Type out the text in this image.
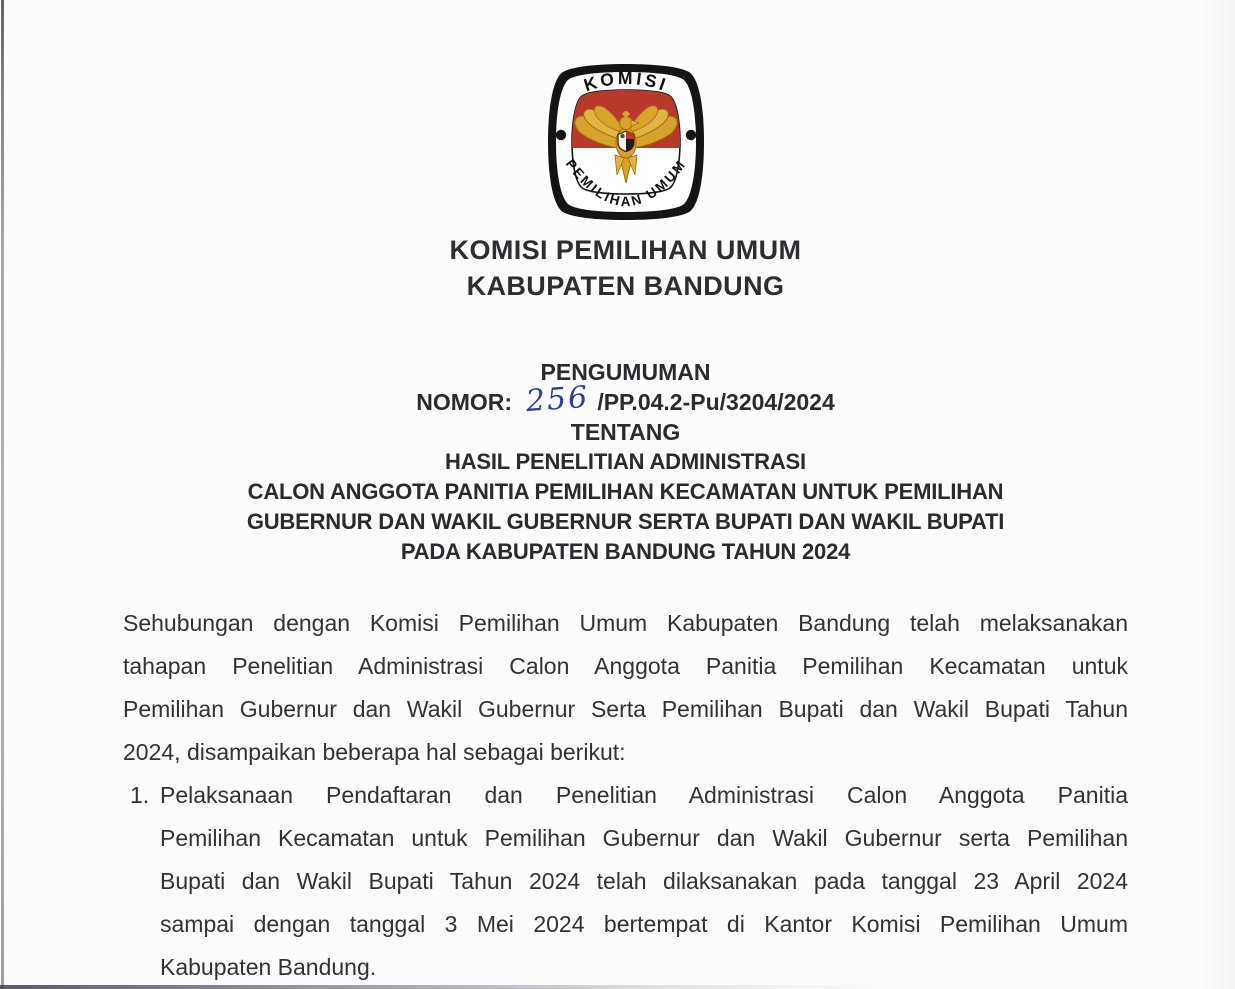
KOMISI
PEMILIHAN UMUM
KOMISI PEMILIHAN UMUM
KABUPATEN BANDUNG
PENGUMUMAN
NOMOR: 256 /PP.04.2-Pu/3204/2024
TENTANG
HASIL PENELITIAN ADMINISTRASI
CALON ANGGOTA PANITIA PEMILIHAN KECAMATAN UNTUK PEMILIHAN
GUBERNUR DAN WAKIL GUBERNUR SERTA BUPATI DAN WAKIL BUPATI
PADA KABUPATEN BANDUNG TAHUN 2024
Sehubungan dengan Komisi Pemilihan Umum Kabupaten Bandung telah melaksanakan
tahapan Penelitian Administrasi Calon Anggota Panitia Pemilihan Kecamatan untuk
Pemilihan Gubernur dan Wakil Gubernur Serta Pemilihan Bupati dan Wakil Bupati Tahun
2024, disampaikan beberapa hal sebagai berikut:
1. Pelaksanaan Pendaftaran dan Penelitian Administrasi Calon Anggota Panitia
Pemilihan Kecamatan untuk Pemilihan Gubernur dan Wakil Gubernur serta Pemilihan
Bupati dan Wakil Bupati Tahun 2024 telah dilaksanakan pada tanggal 23 April 2024
sampai dengan tanggal 3 Mei 2024 bertempat di Kantor Komisi Pemilihan Umum
Kabupaten Bandung.
